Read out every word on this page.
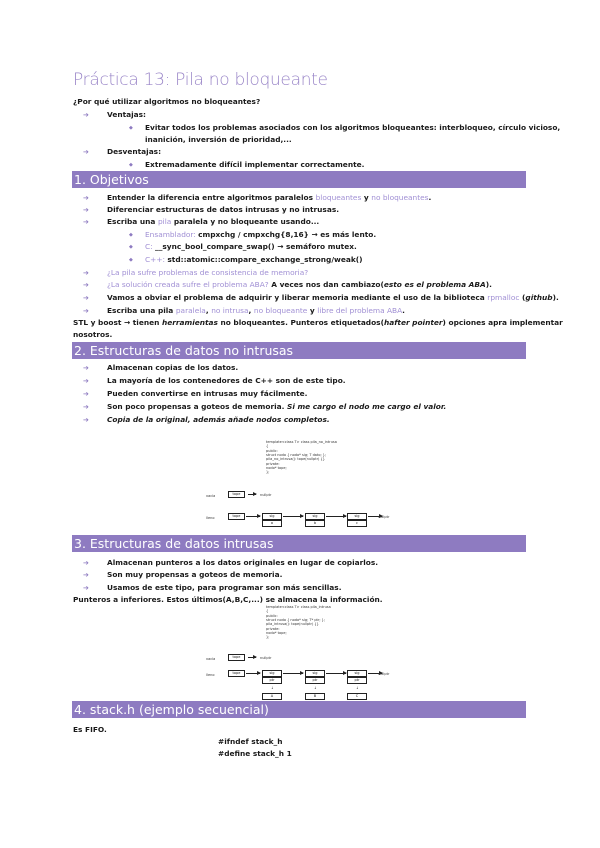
Práctica 13: Pila no bloqueante
¿Por qué utilizar algoritmos no bloqueantes?
➔ Ventajas:
◆ Evitar todos los problemas asociados con los algoritmos bloqueantes: interbloqueo, círculo vicioso,
inanición, inversión de prioridad,...
➔ Desventajas:
◆ Extremadamente difícil implementar correctamente.
1. Objetivos
➔ Entender la diferencia entre algoritmos paralelos bloqueantes y no bloqueantes.
➔ Diferenciar estructuras de datos intrusas y no intrusas.
➔ Escriba una pila paralela y no bloqueante usando...
◆ Ensamblador: cmpxchg / cmpxchg{8,16} → es más lento.
◆ C: __sync_bool_compare_swap() → semáforo mutex.
◆ C++: std::atomic::compare_exchange_strong/weak()
➔ ¿La pila sufre problemas de consistencia de memoria?
➔ ¿La solución creada sufre el problema ABA? A veces nos dan cambiazo(esto es el problema ABA).
➔ Vamos a obviar el problema de adquirir y liberar memoria mediante el uso de la biblioteca rpmalloc (github).
➔ Escriba una pila paralela, no intrusa, no bloqueante y libre del problema ABA.
STL y boost → tienen herramientas no bloqueantes. Punteros etiquetados(hafter pointer) opciones apra implementar
nosotros.
2. Estructuras de datos no intrusas
➔ Almacenan copias de los datos.
➔ La mayoría de los contenedores de C++ son de este tipo.
➔ Pueden convertirse en intrusas muy fácilmente.
➔ Son poco propensas a goteos de memoria. Si me cargo el nodo me cargo el valor.
➔ Copia de la original, además añade nodos completos.
3. Estructuras de datos intrusas
➔ Almacenan punteros a los datos originales en lugar de copiarlos.
➔ Son muy propensas a goteos de memoria.
➔ Usamos de este tipo, para programar son más sencillas.
Punteros a inferiores. Estos últimos(A,B,C,...) se almacena la información.
4. stack.h (ejemplo secuencial)
Es FIFO.
#ifndef stack_h
#define stack_h 1
template<class T> class pila_no_intrusa
{
public:
struct nodo { nodo* sig; T dato; };
pila_no_intrusa(): tope(nullptr) {}
private:
nodo* tope;
};
vacía	tope	nullptr
lleno	tope	sig
a
sig
b
sig
c
nullptr
template<class T> class pila_intrusa
{
public:
struct nodo { nodo* sig; T* ptr; };
pila_intrusa(): tope(nullptr) {}
private:
nodo* tope;
};
vacía	tope	nullptr
lleno	tope	sig
ptr
↓
A
sig
ptr
↓
B
sig
ptr
↓
C
nullptr
